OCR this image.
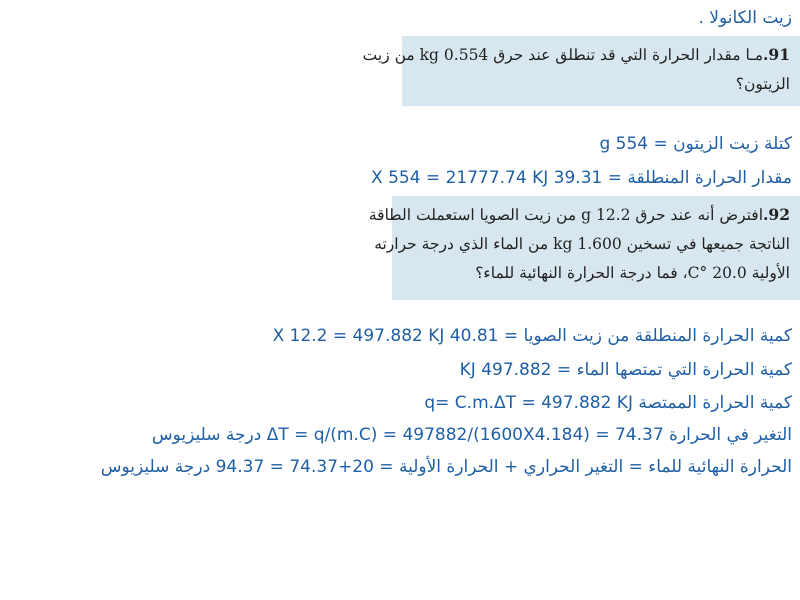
زيت الكانولا .

91.مـا مقدار الحرارة التي قد تنطلق عند حرق 0.554 kg من زيت

الزيتون؟

كتلة زيت الزيتون = 554 g
مقدار الحرارة المنطلقة = 39.31 X 554 = 21777.74 KJ

92.افترض أنه عند حرق 12.2 g من زيت الصويا استعملت الطاقة

الناتجة جميعها في تسخين 1.600 kg من الماء الذي درجة حرارته

الأولية 20.0 °C، فما درجة الحرارة النهائية للماء؟

كمية الحرارة المنطلقة من زيت الصويا = 40.81 X 12.2 = 497.882 KJ
كمية الحرارة التي تمتصها الماء = 497.882 KJ
كمية الحرارة الممتصة q= C.m.ΔT = 497.882 KJ
التغير في الحرارة ΔT = q/(m.C) = 497882/(1600X4.184) = 74.37 درجة سليزيوس
الحرارة النهائية للماء = التغير الحراري + الحرارة الأولية = 20+74.37 = 94.37 درجة سليزيوس
